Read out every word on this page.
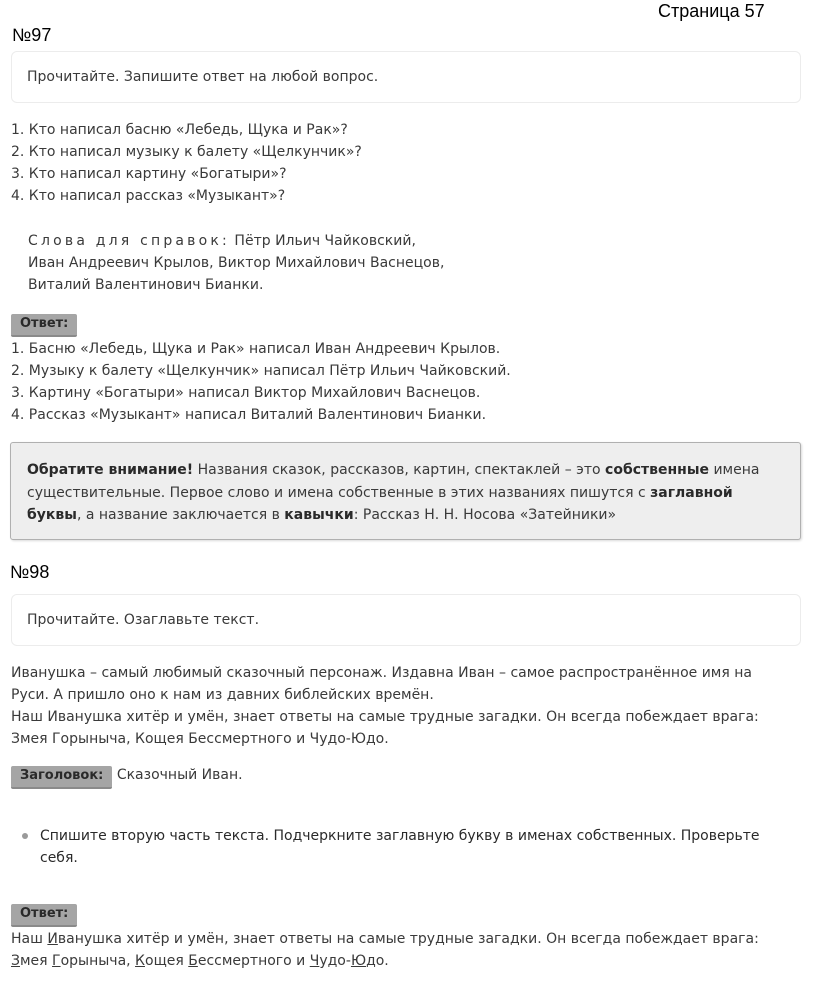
Страница 57
№97
Прочитайте. Запишите ответ на любой вопрос.
1. Кто написал басню «Лебедь, Щука и Рак»?
2. Кто написал музыку к балету «Щелкунчик»?
3. Кто написал картину «Богатыри»?
4. Кто написал рассказ «Музыкант»?
Слова для справок: Пётр Ильич Чайковский,
Иван Андреевич Крылов, Виктор Михайлович Васнецов,
Виталий Валентинович Бианки.
Ответ:
1. Басню «Лебедь, Щука и Рак» написал Иван Андреевич Крылов.
2. Музыку к балету «Щелкунчик» написал Пётр Ильич Чайковский.
3. Картину «Богатыри» написал Виктор Михайлович Васнецов.
4. Рассказ «Музыкант» написал Виталий Валентинович Бианки.
Обратите внимание! Названия сказок, рассказов, картин, спектаклей – это собственные имена существительные. Первое слово и имена собственные в этих названиях пишутся с заглавной буквы, а название заключается в кавычки: Рассказ Н. Н. Носова «Затейники»
№98
Прочитайте. Озаглавьте текст.
Иванушка – самый любимый сказочный персонаж. Издавна Иван – самое распространённое имя на
Руси. А пришло оно к нам из давних библейских времён.
Наш Иванушка хитёр и умён, знает ответы на самые трудные загадки. Он всегда побеждает врага:
Змея Горыныча, Кощея Бессмертного и Чудо-Юдо.
Заголовок: Сказочный Иван.
Спишите вторую часть текста. Подчеркните заглавную букву в именах собственных. Проверьте себя.
Ответ:
Наш Иванушка хитёр и умён, знает ответы на самые трудные загадки. Он всегда побеждает врага:
Змея Горыныча, Кощея Бессмертного и Чудо-Юдо.
